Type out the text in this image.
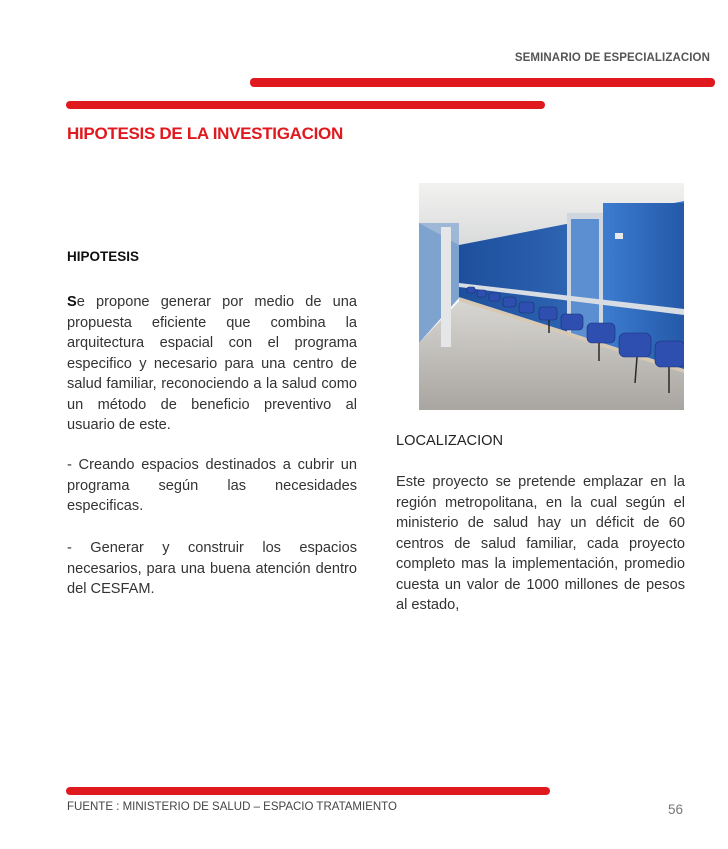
SEMINARIO DE ESPECIALIZACION
HIPOTESIS DE LA INVESTIGACION
HIPOTESIS
Se propone generar por medio de una propuesta eficiente que combina la arquitectura espacial con el programa especifico y necesario para una centro de salud familiar, reconociendo a la salud como un método de beneficio preventivo al usuario de este.
- Creando espacios destinados a cubrir un programa según las necesidades especificas.
- Generar y construir los espacios necesarios, para una buena atención dentro del CESFAM.
LOCALIZACION
Este proyecto se pretende emplazar en la región metropolitana, en la cual según el ministerio de salud hay un déficit de 60 centros de salud familiar, cada proyecto completo mas la implementación, promedio cuesta un valor de 1000 millones de pesos al estado,
FUENTE : MINISTERIO DE SALUD – ESPACIO TRATAMIENTO	56
